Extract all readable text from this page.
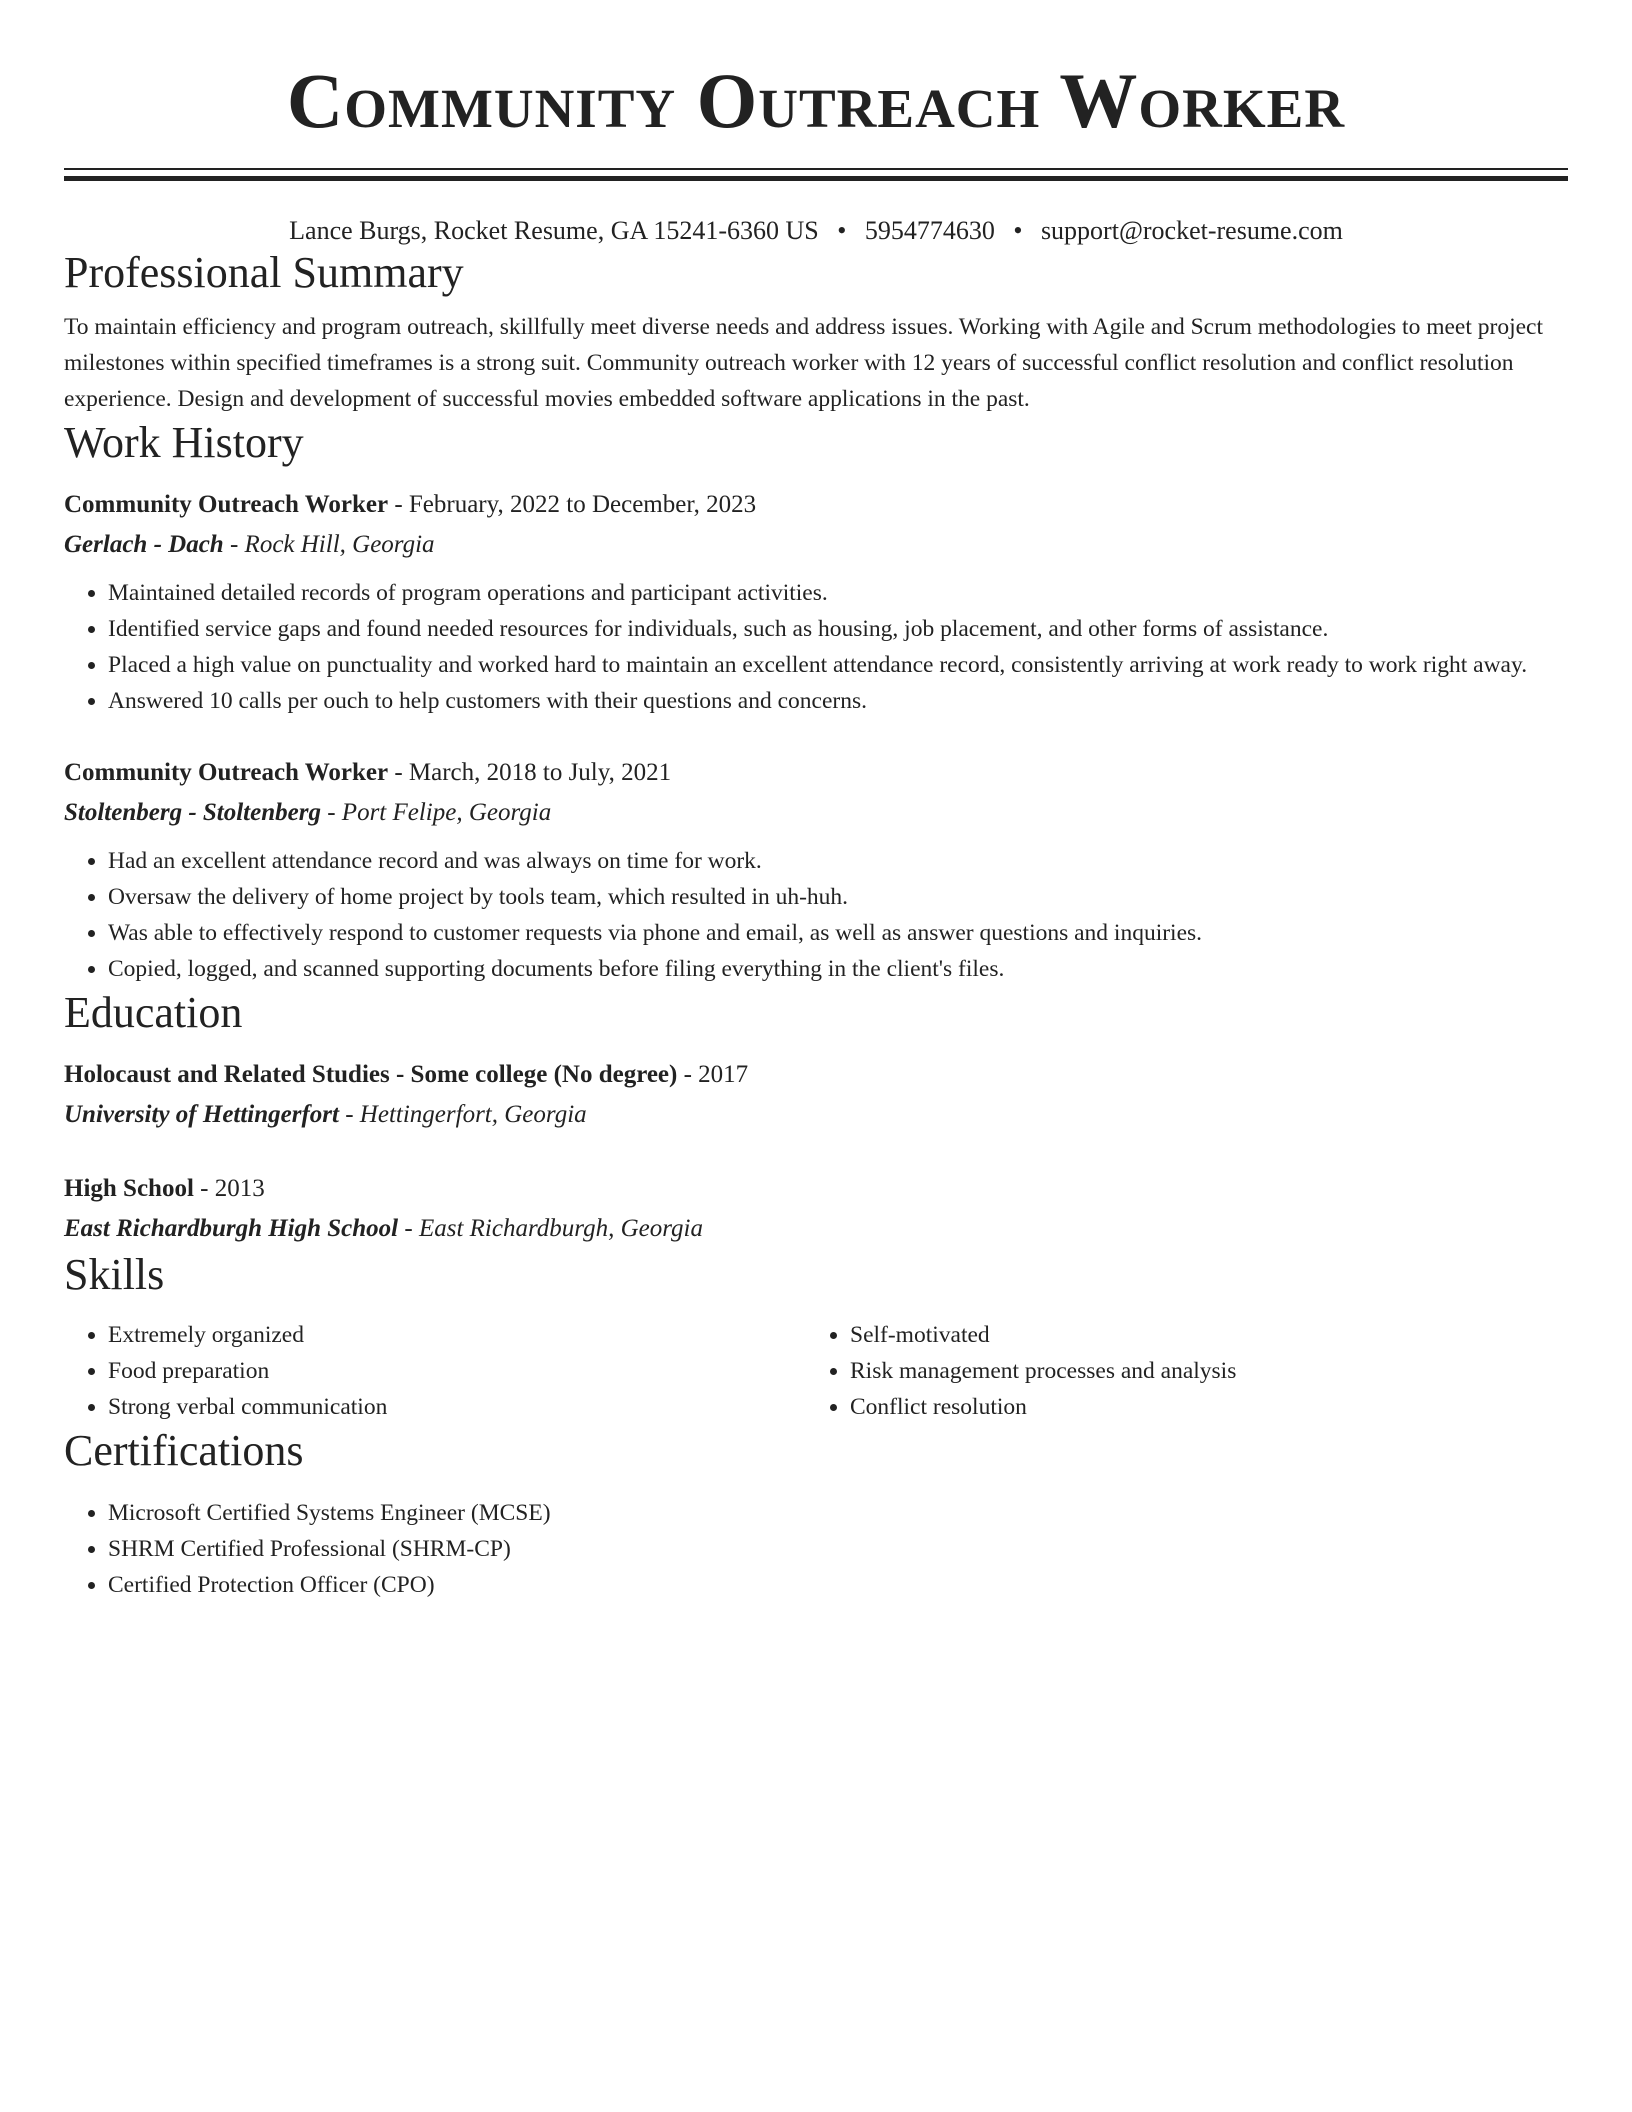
Community Outreach Worker
Lance Burgs, Rocket Resume, GA 15241-6360 US • 5954774630 • support@rocket-resume.com
Professional Summary

To maintain efficiency and program outreach, skillfully meet diverse needs and address issues. Working with Agile and Scrum methodologies to meet project milestones within specified timeframes is a strong suit. Community outreach worker with 12 years of successful conflict resolution and conflict resolution experience. Design and development of successful movies embedded software applications in the past.

Work History
Community Outreach Worker - February, 2022 to December, 2023
Gerlach - Dach - Rock Hill, Georgia
• Maintained detailed records of program operations and participant activities.
• Identified service gaps and found needed resources for individuals, such as housing, job placement, and other forms of assistance.
• Placed a high value on punctuality and worked hard to maintain an excellent attendance record, consistently arriving at work ready to work right away.
• Answered 10 calls per ouch to help customers with their questions and concerns.
Community Outreach Worker - March, 2018 to July, 2021
Stoltenberg - Stoltenberg - Port Felipe, Georgia
• Had an excellent attendance record and was always on time for work.
• Oversaw the delivery of home project by tools team, which resulted in uh-huh.
• Was able to effectively respond to customer requests via phone and email, as well as answer questions and inquiries.
• Copied, logged, and scanned supporting documents before filing everything in the client's files.
Education
Holocaust and Related Studies - Some college (No degree) - 2017
University of Hettingerfort - Hettingerfort, Georgia
High School - 2013
East Richardburgh High School - East Richardburgh, Georgia
Skills
• Extremely organized
• Food preparation
• Strong verbal communication
• Self-motivated
• Risk management processes and analysis
• Conflict resolution
Certifications
• Microsoft Certified Systems Engineer (MCSE)
• SHRM Certified Professional (SHRM-CP)
• Certified Protection Officer (CPO)
